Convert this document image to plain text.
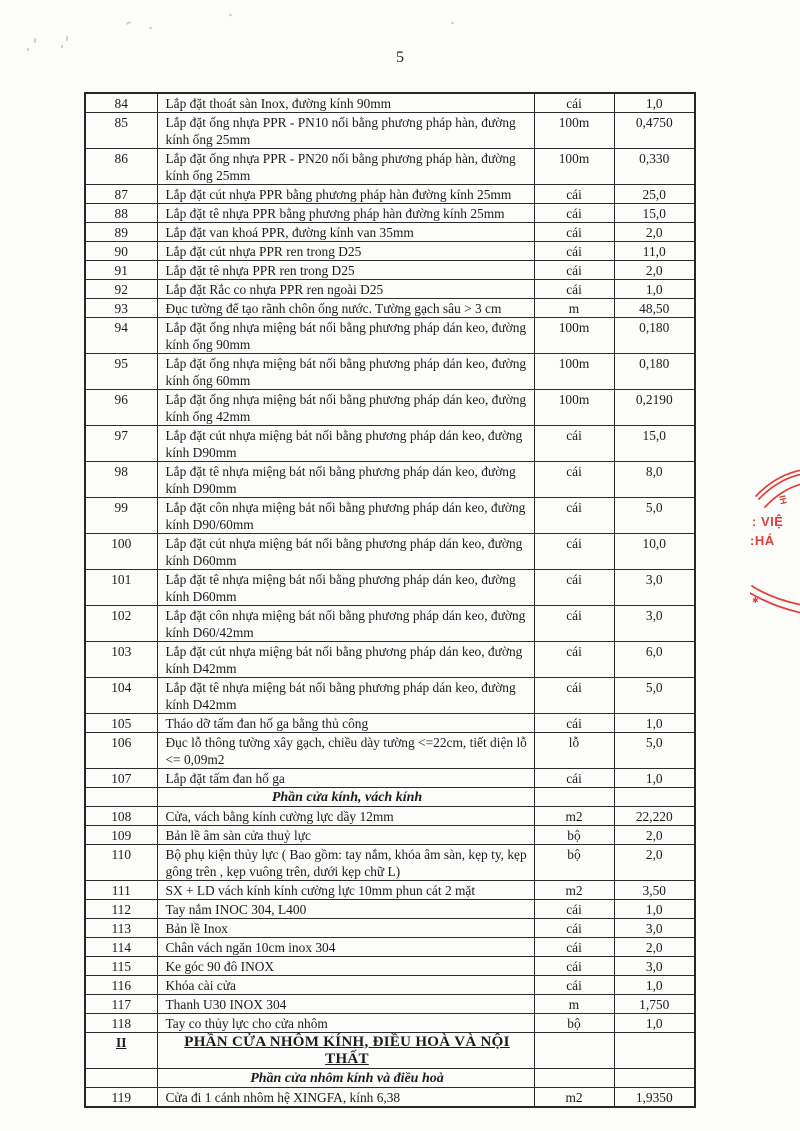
5
84	Lắp đặt thoát sàn Inox, đường kính 90mm	cái	1,0
85	Lắp đặt ống nhựa PPR - PN10 nối bằng phương pháp hàn, đường kính ống 25mm	100m	0,4750
86	Lắp đặt ống nhựa PPR - PN20 nối bằng phương pháp hàn, đường kính ống 25mm	100m	0,330
87	Lắp đặt cút nhựa PPR bằng phương pháp hàn đường kính 25mm	cái	25,0
88	Lắp đặt tê nhựa PPR bằng phương pháp hàn đường kính 25mm	cái	15,0
89	Lắp đặt van khoá PPR, đường kính van 35mm	cái	2,0
90	Lắp đặt cút nhựa PPR ren trong D25	cái	11,0
91	Lắp đặt tê nhựa PPR ren trong D25	cái	2,0
92	Lắp đặt Rắc co nhựa PPR ren ngoài D25	cái	1,0
93	Đục tường để tạo rãnh chôn ống nước. Tường gạch sâu > 3 cm	m	48,50
94	Lắp đặt ống nhựa miệng bát nối bằng phương pháp dán keo, đường kính ống 90mm	100m	0,180
95	Lắp đặt ống nhựa miệng bát nối bằng phương pháp dán keo, đường kính ống 60mm	100m	0,180
96	Lắp đặt ống nhựa miệng bát nối bằng phương pháp dán keo, đường kính ống 42mm	100m	0,2190
97	Lắp đặt cút nhựa miệng bát nối bằng phương pháp dán keo, đường kính D90mm	cái	15,0
98	Lắp đặt tê nhựa miệng bát nối bằng phương pháp dán keo, đường kính D90mm	cái	8,0
99	Lắp đặt côn nhựa miệng bát nối bằng phương pháp dán keo, đường kính D90/60mm	cái	5,0
100	Lắp đặt cút nhựa miệng bát nối bằng phương pháp dán keo, đường kính D60mm	cái	10,0
101	Lắp đặt tê nhựa miệng bát nối bằng phương pháp dán keo, đường kính D60mm	cái	3,0
102	Lắp đặt côn nhựa miệng bát nối bằng phương pháp dán keo, đường kính D60/42mm	cái	3,0
103	Lắp đặt cút nhựa miệng bát nối bằng phương pháp dán keo, đường kính D42mm	cái	6,0
104	Lắp đặt tê nhựa miệng bát nối bằng phương pháp dán keo, đường kính D42mm	cái	5,0
105	Tháo dỡ tấm đan hố ga bằng thủ công	cái	1,0
106	Đục lỗ thông tường xây gạch, chiều dày tường <=22cm, tiết diện lỗ <= 0,09m2	lỗ	5,0
107	Lắp đặt tấm đan hố ga	cái	1,0
	Phần cửa kính, vách kính		
108	Cửa, vách bằng kính cường lực dầy 12mm	m2	22,220
109	Bản lề âm sàn cửa thuỷ lực	bộ	2,0
110	Bộ phụ kiện thủy lực ( Bao gồm: tay nắm, khóa âm sàn, kẹp ty, kẹp gông trên , kẹp vuông trên, dưới kẹp chữ L)	bộ	2,0
111	SX + LD vách kính kính cường lực 10mm phun cát 2 mặt	m2	3,50
112	Tay nắm INOC 304, L400	cái	1,0
113	Bản lề Inox	cái	3,0
114	Chân vách ngăn 10cm inox 304	cái	2,0
115	Ke góc 90 đô INOX	cái	3,0
116	Khóa cài cửa	cái	1,0
117	Thanh U30 INOX 304	m	1,750
118	Tay co thủy lực cho cửa nhôm	bộ	1,0
II	PHẦN CỬA NHÔM KÍNH, ĐIỀU HOÀ VÀ NỘI THẤT		
	Phần cửa nhôm kính và điều hoà		
119	Cửa đi 1 cánh nhôm hệ XINGFA, kính 6,38	m2	1,9350
IH
✱
: VIỆ
:HÁ
